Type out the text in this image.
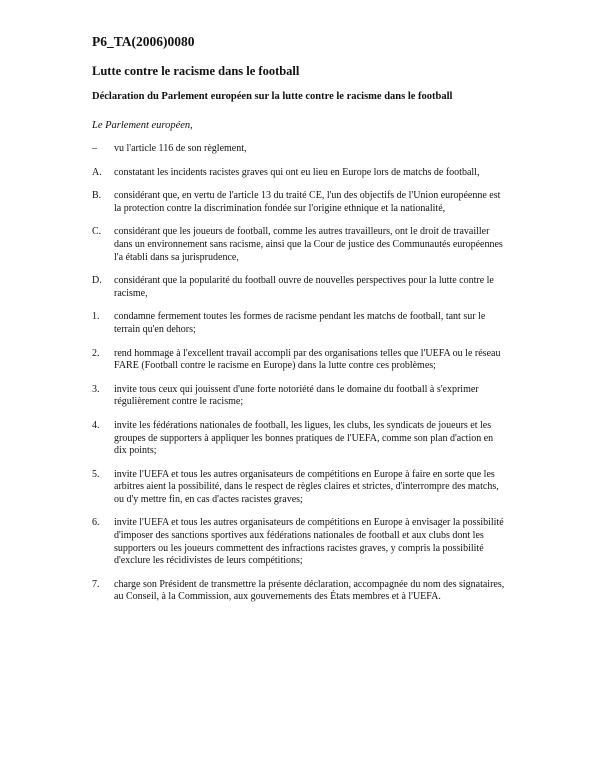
P6_TA(2006)0080
Lutte contre le racisme dans le football
Déclaration du Parlement européen sur la lutte contre le racisme dans le football
Le Parlement européen,
–	vu l'article 116 de son règlement,
A.	constatant les incidents racistes graves qui ont eu lieu en Europe lors de matchs de football,
B.	considérant que, en vertu de l'article 13 du traité CE, l'un des objectifs de l'Union européenne est la protection contre la discrimination fondée sur l'origine ethnique et la nationalité,
C.	considérant que les joueurs de football, comme les autres travailleurs, ont le droit de travailler dans un environnement sans racisme, ainsi que la Cour de justice des Communautés européennes l'a établi dans sa jurisprudence,
D.	considérant que la popularité du football ouvre de nouvelles perspectives pour la lutte contre le racisme,
1.	condamne fermement toutes les formes de racisme pendant les matchs de football, tant sur le terrain qu'en dehors;
2.	rend hommage à l'excellent travail accompli par des organisations telles que l'UEFA ou le réseau FARE (Football contre le racisme en Europe) dans la lutte contre ces problèmes;
3.	invite tous ceux qui jouissent d'une forte notoriété dans le domaine du football à s'exprimer régulièrement contre le racisme;
4.	invite les fédérations nationales de football, les ligues, les clubs, les syndicats de joueurs et les groupes de supporters à appliquer les bonnes pratiques de l'UEFA, comme son plan d'action en dix points;
5.	invite l'UEFA et tous les autres organisateurs de compétitions en Europe à faire en sorte que les arbitres aient la possibilité, dans le respect de règles claires et strictes, d'interrompre des matchs, ou d'y mettre fin, en cas d'actes racistes graves;
6.	invite l'UEFA et tous les autres organisateurs de compétitions en Europe à envisager la possibilité d'imposer des sanctions sportives aux fédérations nationales de football et aux clubs dont les supporters ou les joueurs commettent des infractions racistes graves, y compris la possibilité d'exclure les récidivistes de leurs compétitions;
7.	charge son Président de transmettre la présente déclaration, accompagnée du nom des signataires, au Conseil, à la Commission, aux gouvernements des États membres et à l'UEFA.
